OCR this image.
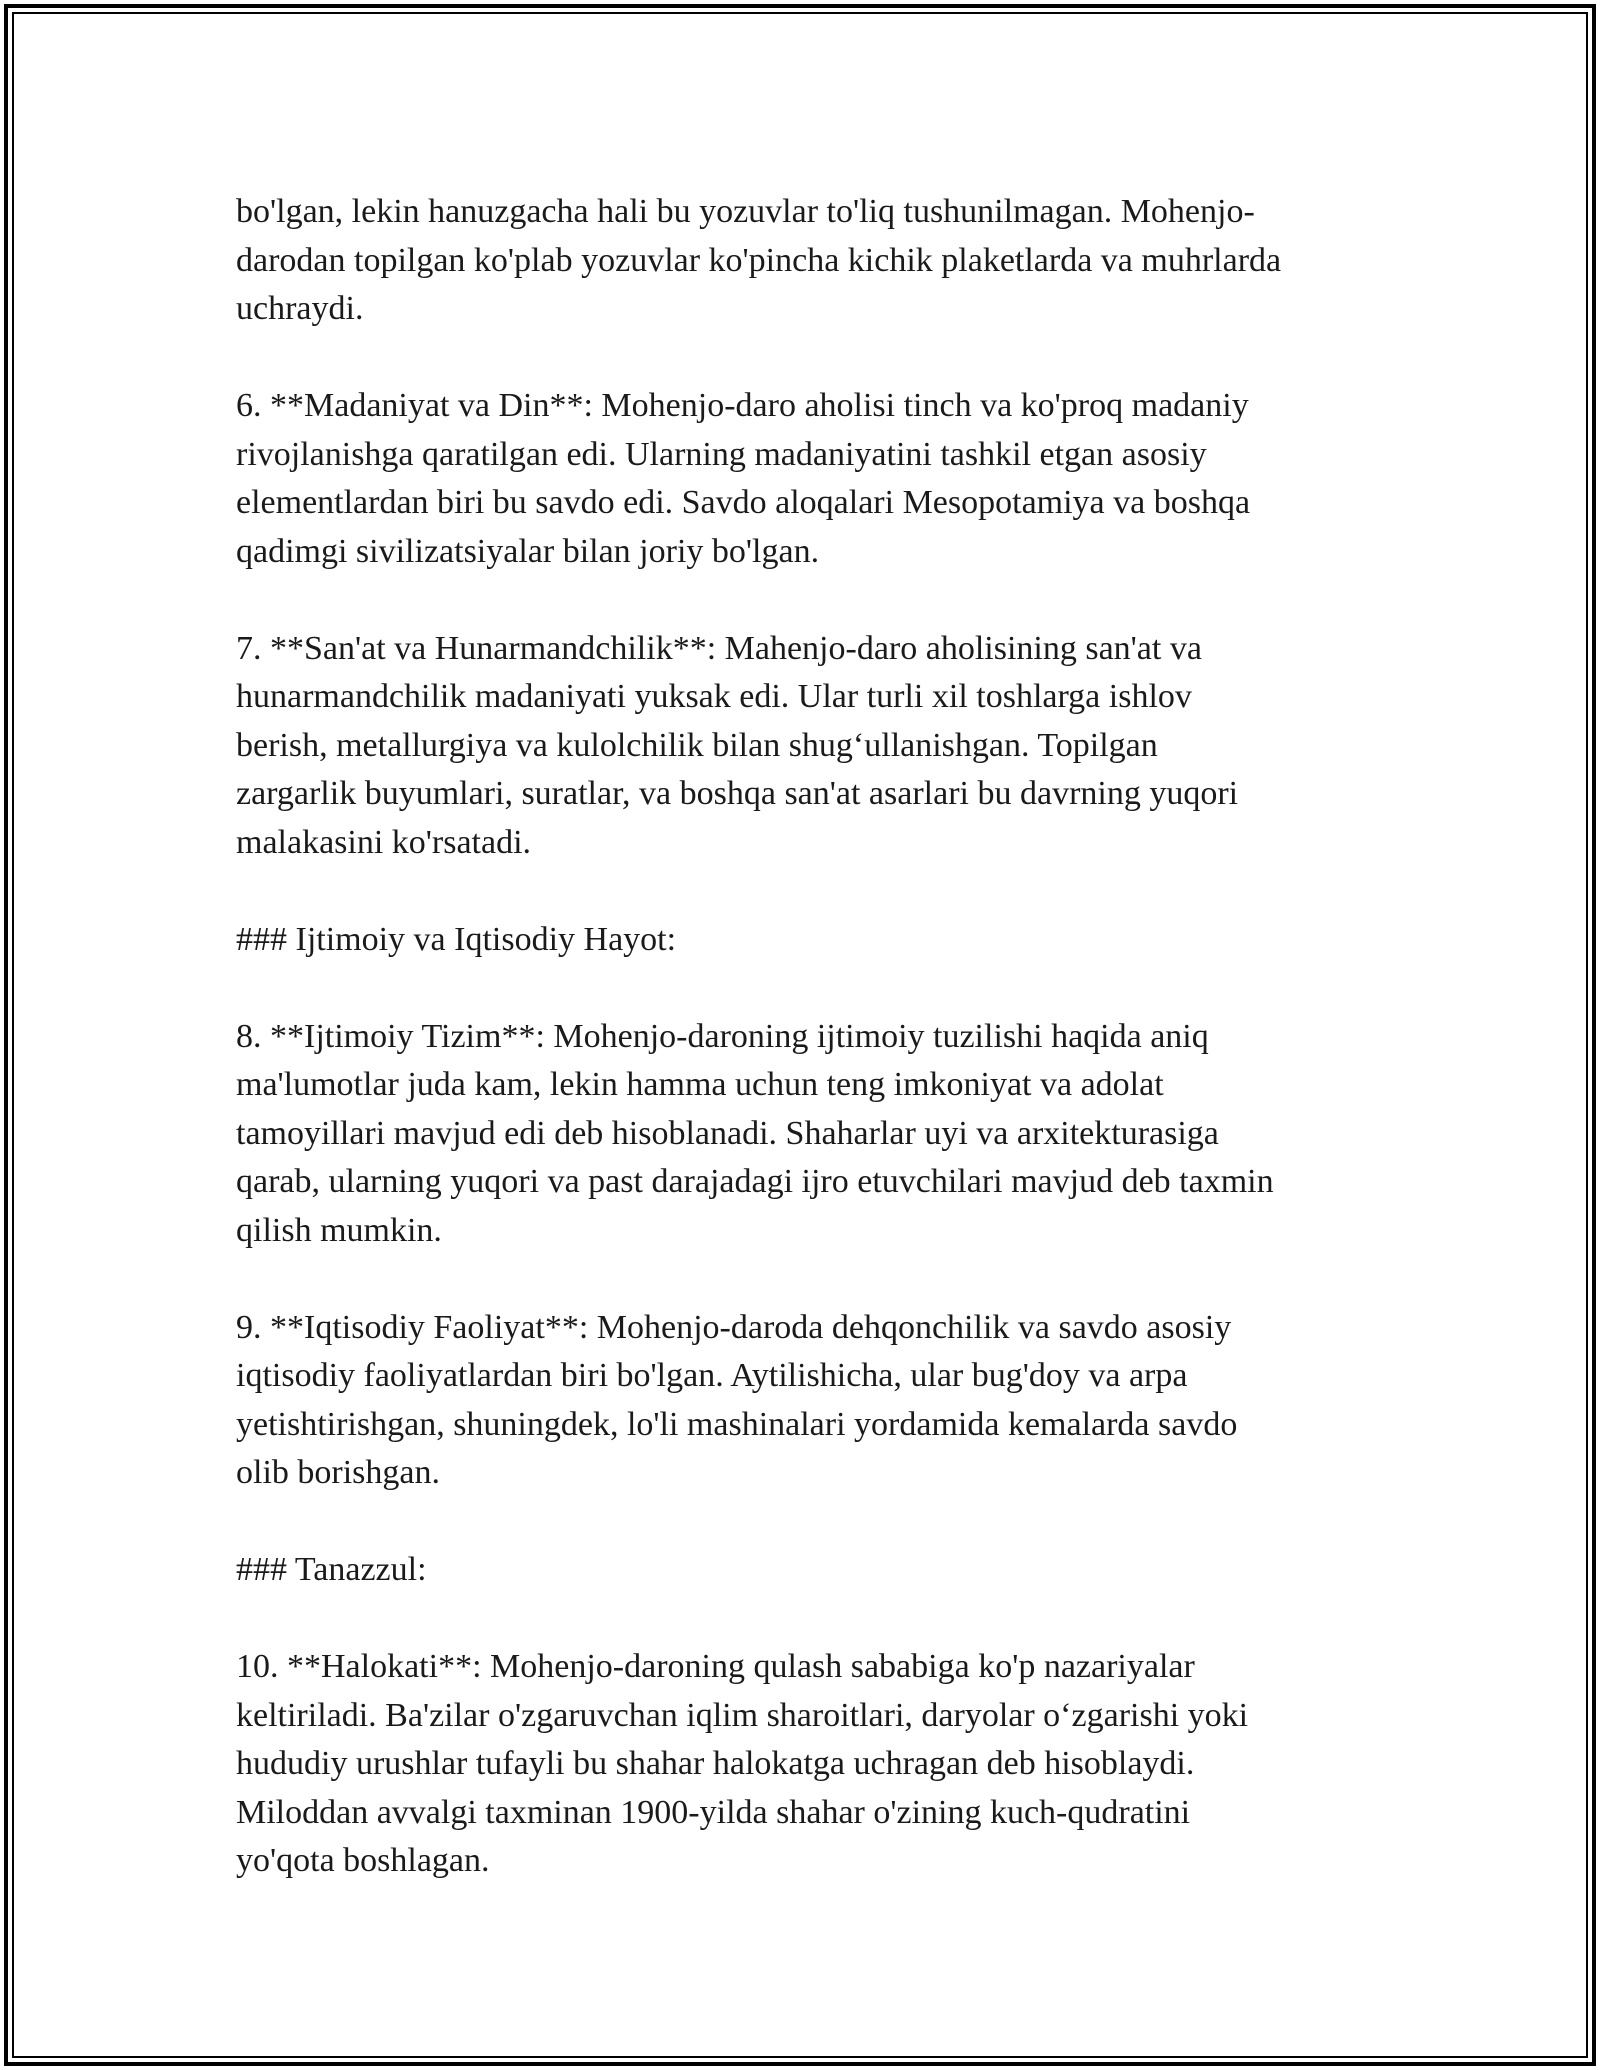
bo'lgan, lekin hanuzgacha hali bu yozuvlar to'liq tushunilmagan. Mohenjo-
darodan topilgan ko'plab yozuvlar ko'pincha kichik plaketlarda va muhrlarda
uchraydi.

6. **Madaniyat va Din**: Mohenjo-daro aholisi tinch va ko'proq madaniy
rivojlanishga qaratilgan edi. Ularning madaniyatini tashkil etgan asosiy
elementlardan biri bu savdo edi. Savdo aloqalari Mesopotamiya va boshqa
qadimgi sivilizatsiyalar bilan joriy bo'lgan.

7. **San'at va Hunarmandchilik**: Mahenjo-daro aholisining san'at va
hunarmandchilik madaniyati yuksak edi. Ular turli xil toshlarga ishlov
berish, metallurgiya va kulolchilik bilan shug‘ullanishgan. Topilgan
zargarlik buyumlari, suratlar, va boshqa san'at asarlari bu davrning yuqori
malakasini ko'rsatadi.

### Ijtimoiy va Iqtisodiy Hayot:

8. **Ijtimoiy Tizim**: Mohenjo-daroning ijtimoiy tuzilishi haqida aniq
ma'lumotlar juda kam, lekin hamma uchun teng imkoniyat va adolat
tamoyillari mavjud edi deb hisoblanadi. Shaharlar uyi va arxitekturasiga
qarab, ularning yuqori va past darajadagi ijro etuvchilari mavjud deb taxmin
qilish mumkin.

9. **Iqtisodiy Faoliyat**: Mohenjo-daroda dehqonchilik va savdo asosiy
iqtisodiy faoliyatlardan biri bo'lgan. Aytilishicha, ular bug'doy va arpa
yetishtirishgan, shuningdek, lo'li mashinalari yordamida kemalarda savdo
olib borishgan.

### Tanazzul:

10. **Halokati**: Mohenjo-daroning qulash sababiga ko'p nazariyalar
keltiriladi. Ba'zilar o'zgaruvchan iqlim sharoitlari, daryolar o‘zgarishi yoki
hududiy urushlar tufayli bu shahar halokatga uchragan deb hisoblaydi.
Miloddan avvalgi taxminan 1900-yilda shahar o'zining kuch-qudratini
yo'qota boshlagan.
